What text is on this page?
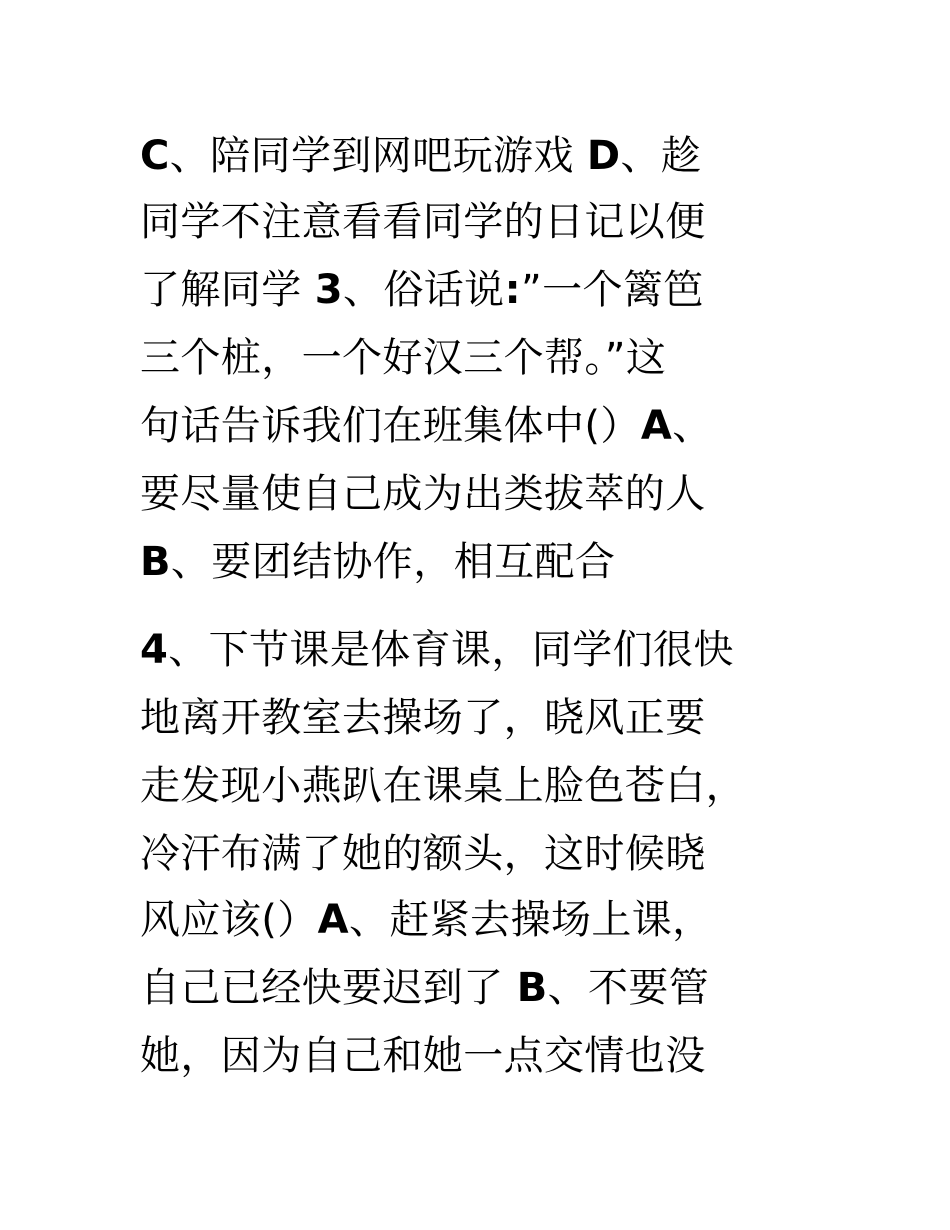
C、陪同学到网吧玩游戏 D、趁
同学不注意看看同学的日记以便
了解同学 3、俗话说:”一个篱笆
三个桩，一个好汉三个帮。”这
句话告诉我们在班集体中(）A、
要尽量使自己成为出类拔萃的人
B、要团结协作，相互配合
4、下节课是体育课，同学们很快
地离开教室去操场了，晓风正要
走发现小燕趴在课桌上脸色苍白，
冷汗布满了她的额头，这时候晓
风应该(）A、赶紧去操场上课，
自己已经快要迟到了 B、不要管
她，因为自己和她一点交情也没
